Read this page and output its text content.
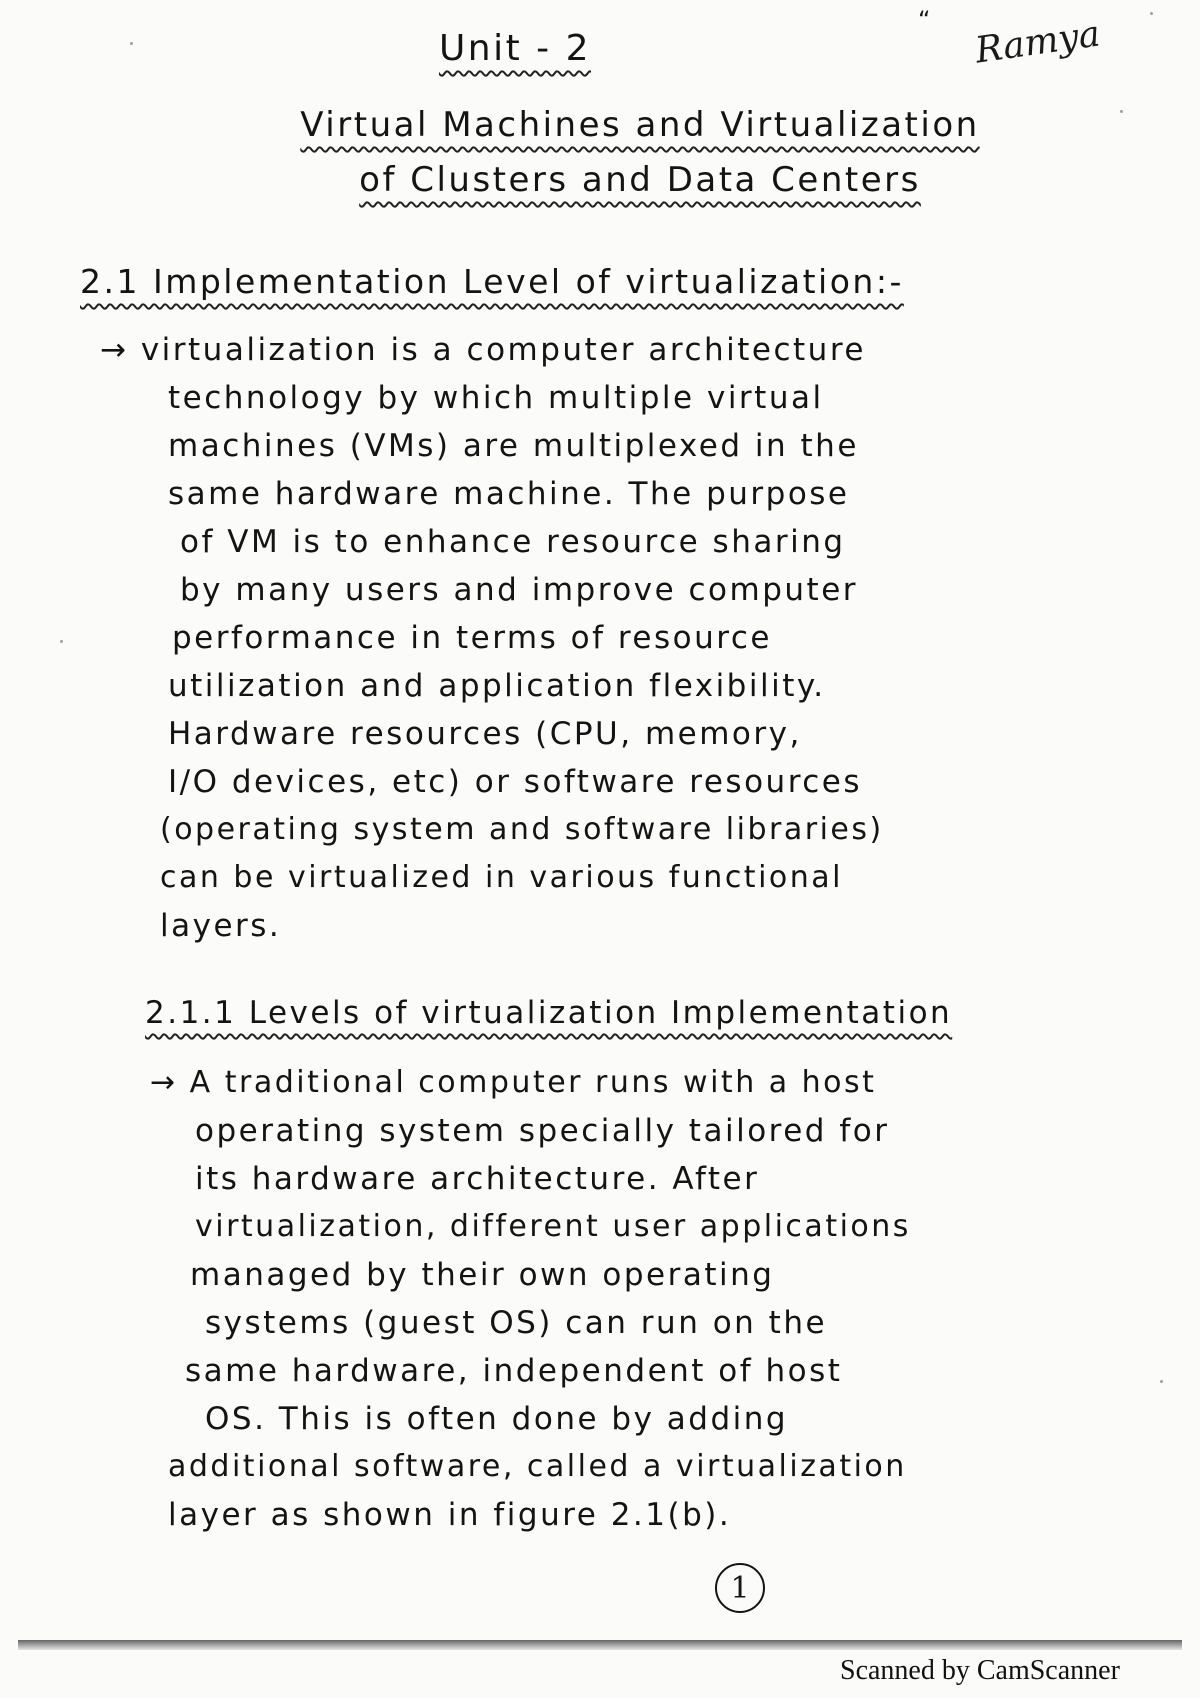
“ Ramya
Unit - 2
Virtual Machines and Virtualization
of Clusters and Data Centers
2.1 Implementation Level of virtualization:-
→ virtualization is a computer architecture
technology by which multiple virtual
machines (VMs) are multiplexed in the
same hardware machine. The purpose
of VM is to enhance resource sharing
by many users and improve computer
performance in terms of resource
utilization and application flexibility.
Hardware resources (CPU, memory,
I/O devices, etc) or software resources
(operating system and software libraries)
can be virtualized in various functional
layers.
2.1.1 Levels of virtualization Implementation
→ A traditional computer runs with a host
operating system specially tailored for
its hardware architecture. After
virtualization, different user applications
managed by their own operating
systems (guest OS) can run on the
same hardware, independent of host
OS. This is often done by adding
additional software, called a virtualization
layer as shown in figure 2.1(b).
1
Scanned by CamScanner
